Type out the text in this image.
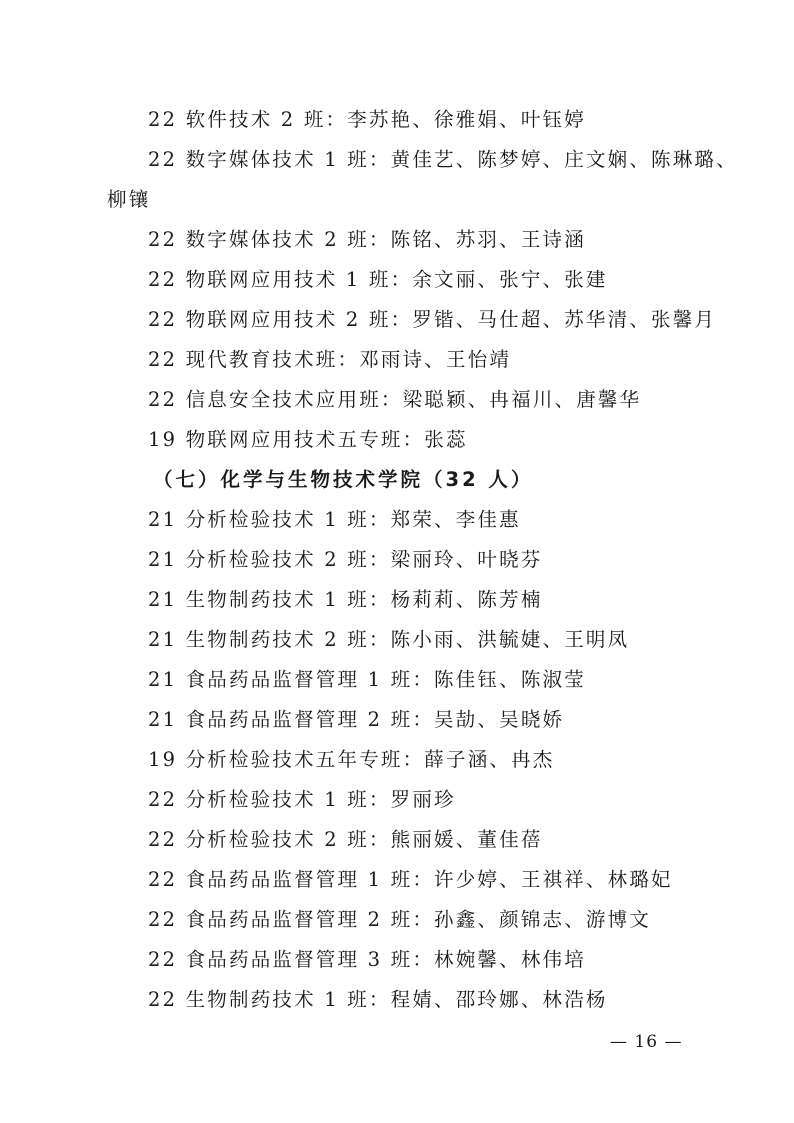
22 软件技术 2 班：李苏艳、徐雅娟、叶钰婷
22 数字媒体技术 1 班：黄佳艺、陈梦婷、庄文娴、陈琳璐、
柳镶
22 数字媒体技术 2 班：陈铭、苏羽、王诗涵
22 物联网应用技术 1 班：余文丽、张宁、张建
22 物联网应用技术 2 班：罗锴、马仕超、苏华清、张馨月
22 现代教育技术班：邓雨诗、王怡靖
22 信息安全技术应用班：梁聪颖、冉福川、唐馨华
19 物联网应用技术五专班：张蕊
（七）化学与生物技术学院（32 人）
21 分析检验技术 1 班：郑荣、李佳惠
21 分析检验技术 2 班：梁丽玲、叶晓芬
21 生物制药技术 1 班：杨莉莉、陈芳楠
21 生物制药技术 2 班：陈小雨、洪毓婕、王明凤
21 食品药品监督管理 1 班：陈佳钰、陈淑莹
21 食品药品监督管理 2 班：吴劼、吴晓娇
19 分析检验技术五年专班：薛子涵、冉杰
22 分析检验技术 1 班：罗丽珍
22 分析检验技术 2 班：熊丽媛、董佳蓓
22 食品药品监督管理 1 班：许少婷、王祺祥、林璐妃
22 食品药品监督管理 2 班：孙鑫、颜锦志、游博文
22 食品药品监督管理 3 班：林婉馨、林伟培
22 生物制药技术 1 班：程婧、邵玲娜、林浩杨
— 16 —
